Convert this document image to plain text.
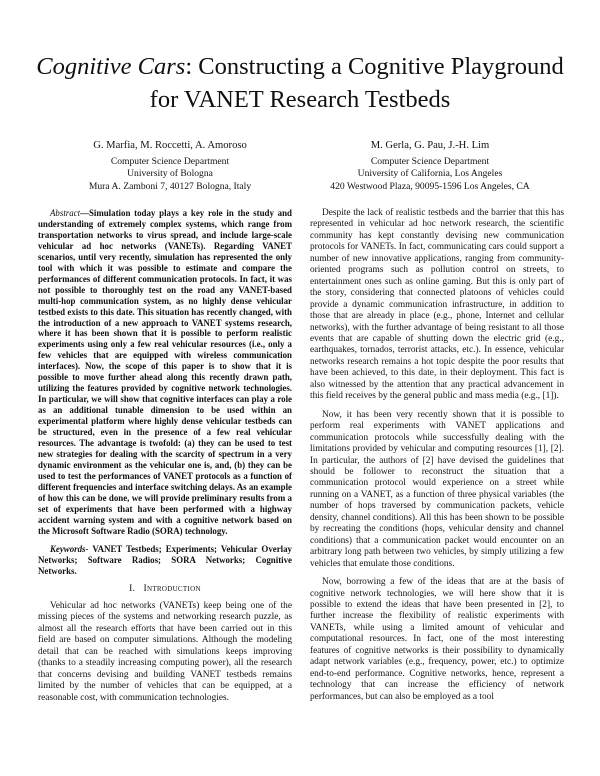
Cognitive Cars: Constructing a Cognitive Playground
for VANET Research Testbeds
G. Marfia, M. Roccetti, A. Amoroso
Computer Science Department
University of Bologna
Mura A. Zamboni 7, 40127 Bologna, Italy
M. Gerla, G. Pau, J.-H. Lim
Computer Science Department
University of California, Los Angeles
420 Westwood Plaza, 90095-1596 Los Angeles, CA

Abstract—Simulation today plays a key role in the study and understanding of extremely complex systems, which range from transportation networks to virus spread, and include large-scale vehicular ad hoc networks (VANETs). Regarding VANET scenarios, until very recently, simulation has represented the only tool with which it was possible to estimate and compare the performances of different communication protocols. In fact, it was not possible to thoroughly test on the road any VANET-based multi-hop communication system, as no highly dense vehicular testbed exists to this date. This situation has recently changed, with the introduction of a new approach to VANET systems research, where it has been shown that it is possible to perform realistic experiments using only a few real vehicular resources (i.e., only a few vehicles that are equipped with wireless communication interfaces). Now, the scope of this paper is to show that it is possible to move further ahead along this recently drawn path, utilizing the features provided by cognitive network technologies. In particular, we will show that cognitive interfaces can play a role as an additional tunable dimension to be used within an experimental platform where highly dense vehicular testbeds can be structured, even in the presence of a few real vehicular resources. The advantage is twofold: (a) they can be used to test new strategies for dealing with the scarcity of spectrum in a very dynamic environment as the vehicular one is, and, (b) they can be used to test the performances of VANET protocols as a function of different frequencies and interface switching delays. As an example of how this can be done, we will provide preliminary results from a set of experiments that have been performed with a highway accident warning system and with a cognitive network based on the Microsoft Software Radio (SORA) technology.

Keywords- VANET Testbeds; Experiments; Vehicular Overlay Networks; Software Radios; SORA Networks; Cognitive Networks.

I. Introduction

Vehicular ad hoc networks (VANETs) keep being one of the missing pieces of the systems and networking research puzzle, as almost all the research efforts that have been carried out in this field are based on computer simulations. Although the modeling detail that can be reached with simulations keeps improving (thanks to a steadily increasing computing power), all the research that concerns devising and building VANET testbeds remains limited by the number of vehicles that can be equipped, at a reasonable cost, with communication technologies.

Despite the lack of realistic testbeds and the barrier that this has represented in vehicular ad hoc network research, the scientific community has kept constantly devising new communication protocols for VANETs. In fact, communicating cars could support a number of new innovative applications, ranging from community-oriented programs such as pollution control on streets, to entertainment ones such as online gaming. But this is only part of the story, considering that connected platoons of vehicles could provide a dynamic communication infrastructure, in addition to those that are already in place (e.g., phone, Internet and cellular networks), with the further advantage of being resistant to all those events that are capable of shutting down the electric grid (e.g., earthquakes, tornados, terrorist attacks, etc.). In essence, vehicular networks research remains a hot topic despite the poor results that have been achieved, to this date, in their deployment. This fact is also witnessed by the attention that any practical advancement in this field receives by the general public and mass media (e.g., [1]).

Now, it has been very recently shown that it is possible to perform real experiments with VANET applications and communication protocols while successfully dealing with the limitations provided by vehicular and computing resources [1], [2]. In particular, the authors of [2] have devised the guidelines that should be follower to reconstruct the situation that a communication protocol would experience on a street while running on a VANET, as a function of three physical variables (the number of hops traversed by communication packets, vehicle density, channel conditions). All this has been shown to be possible by recreating the conditions (hops, vehicular density and channel conditions) that a communication packet would encounter on an arbitrary long path between two vehicles, by simply utilizing a few vehicles that emulate those conditions.

Now, borrowing a few of the ideas that are at the basis of cognitive network technologies, we will here show that it is possible to extend the ideas that have been presented in [2], to further increase the flexibility of realistic experiments with VANETs, while using a limited amount of vehicular and computational resources. In fact, one of the most interesting features of cognitive networks is their possibility to dynamically adapt network variables (e.g., frequency, power, etc.) to optimize end-to-end performance. Cognitive networks, hence, represent a technology that can increase the efficiency of network performances, but can also be employed as a tool
